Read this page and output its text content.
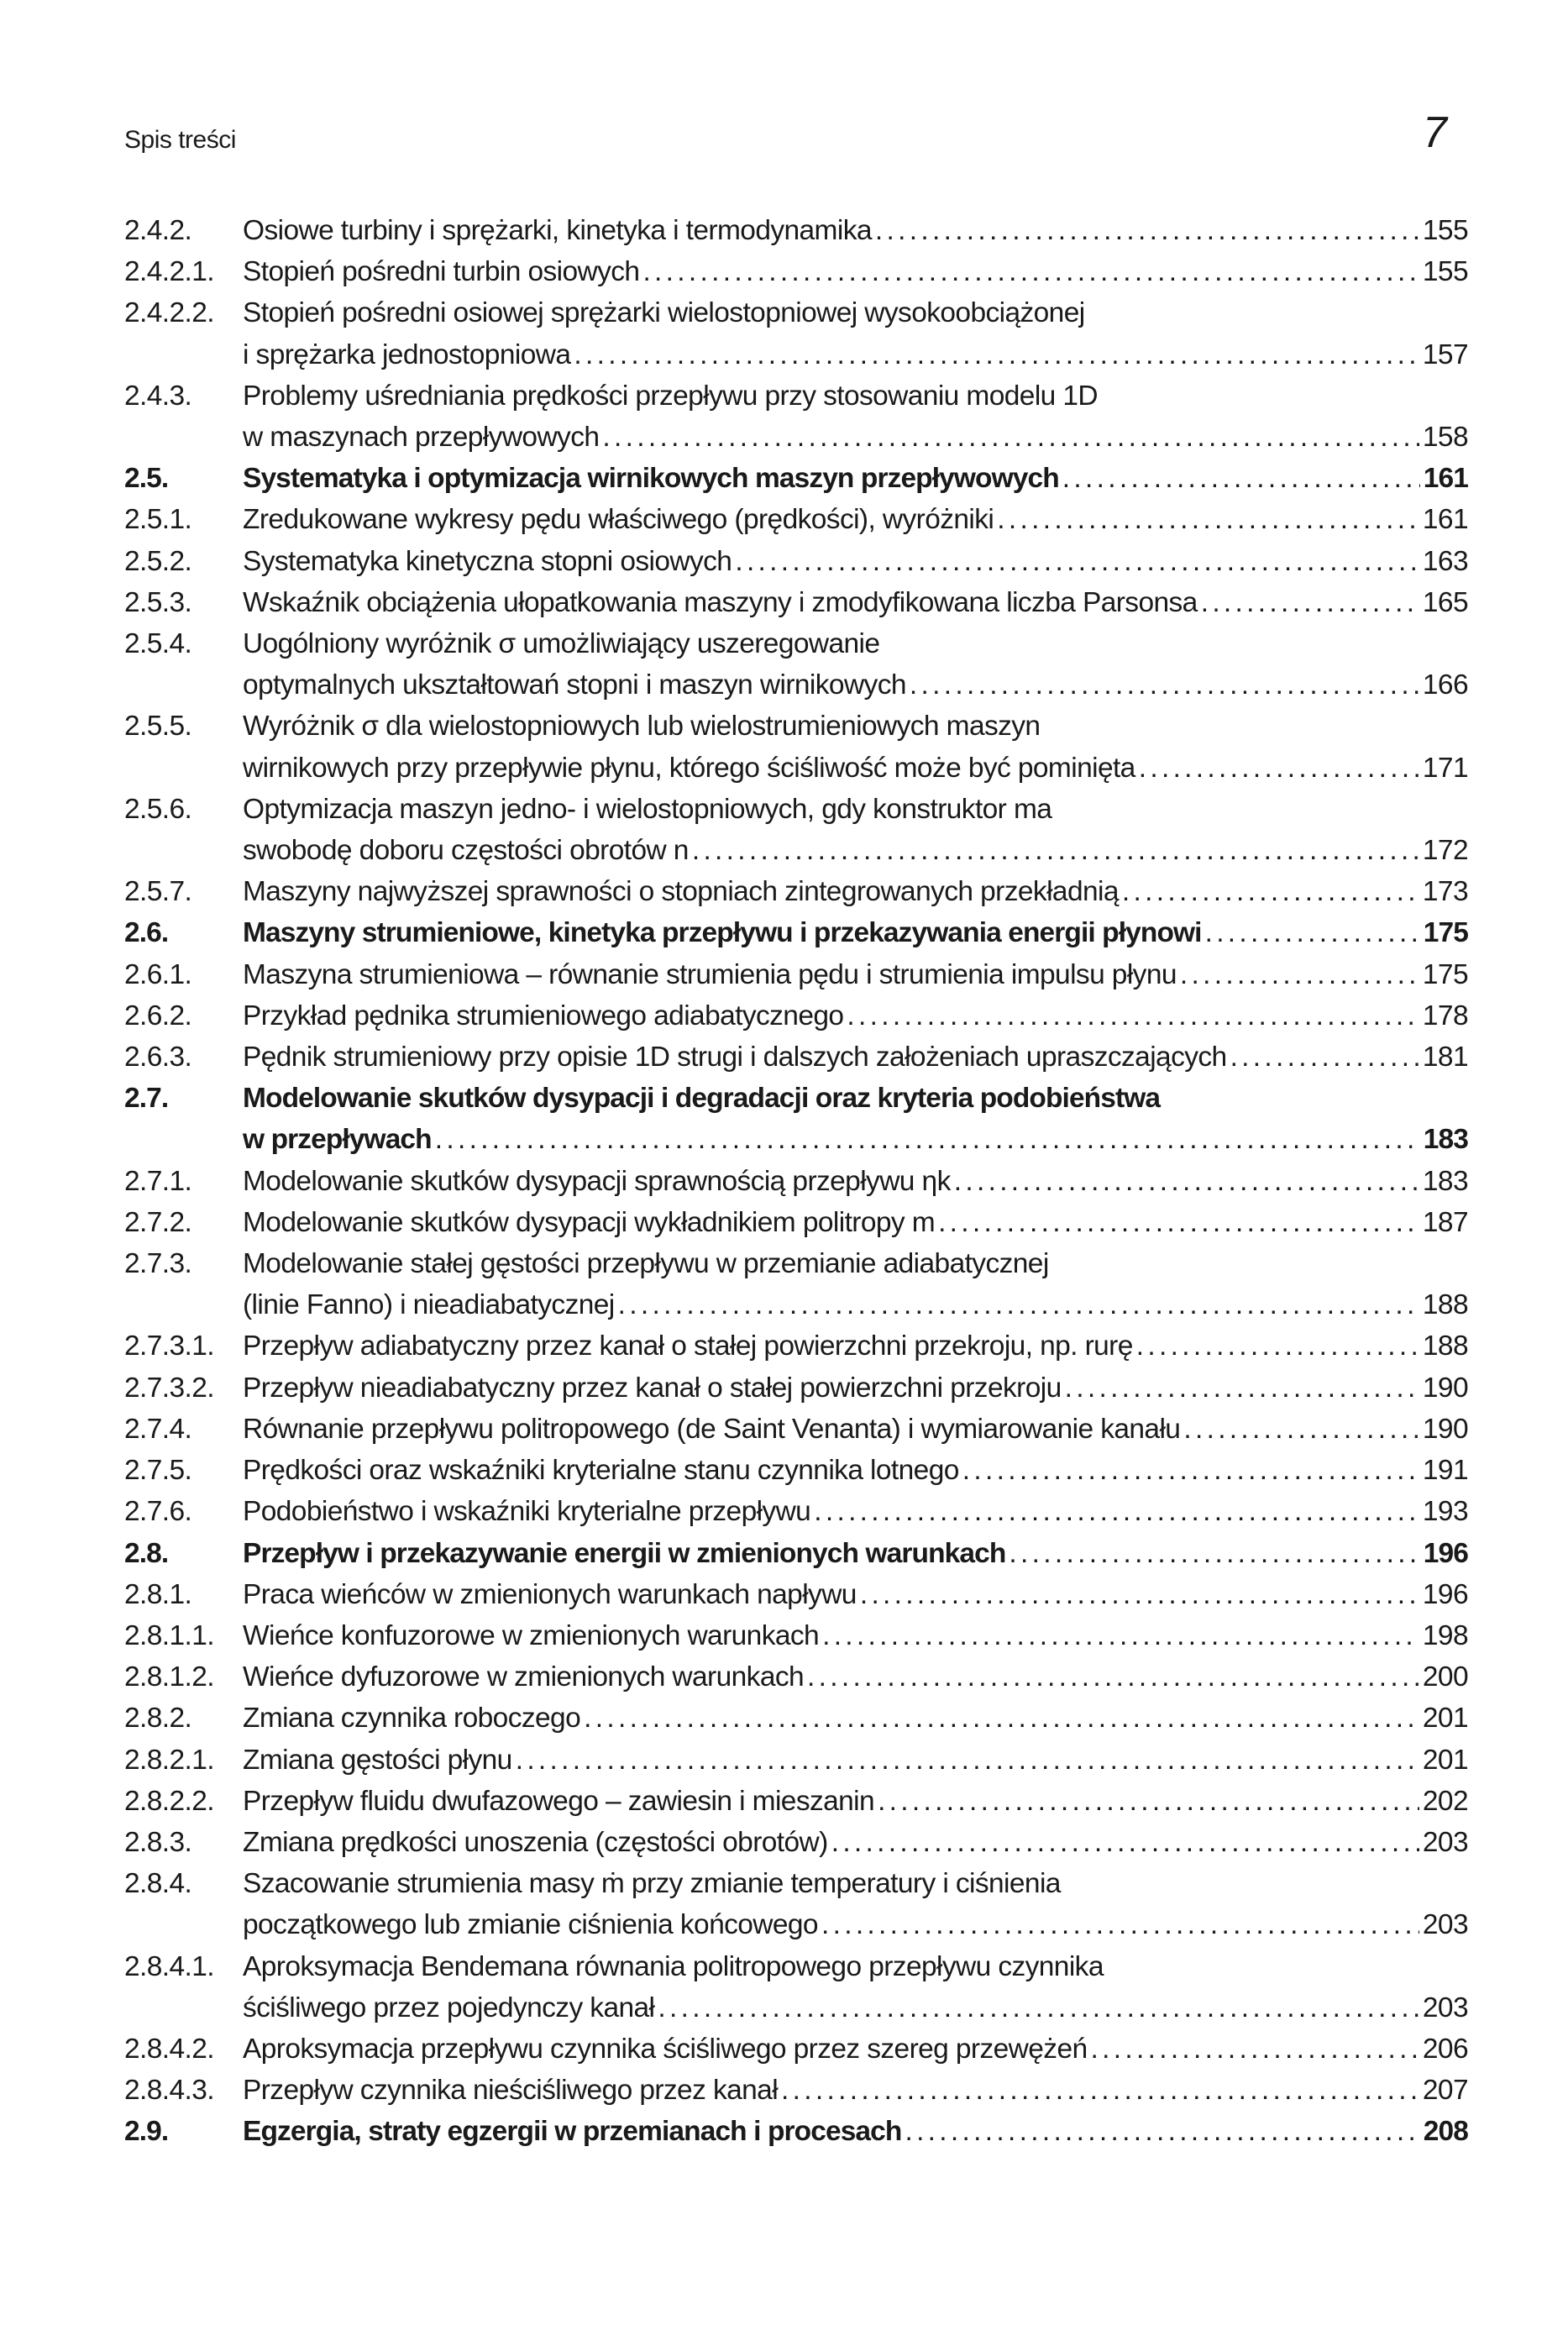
Spis treści	7
2.4.2.	Osiowe turbiny i sprężarki, kinetyka i termodynamika . . .	155
2.4.2.1.	Stopień pośredni turbin osiowych . . .	155
2.4.2.2.	Stopień pośredni osiowej sprężarki wielostopniowej wysokoobciążonej
i sprężarka jednostopniowa . . .	157
2.4.3.	Problemy uśredniania prędkości przepływu przy stosowaniu modelu 1D
w maszynach przepływowych . . .	158
2.5.	Systematyka i optymizacja wirnikowych maszyn przepływowych . . .	161
2.5.1.	Zredukowane wykresy pędu właściwego (prędkości), wyróżniki . . .	161
2.5.2.	Systematyka kinetyczna stopni osiowych . . .	163
2.5.3.	Wskaźnik obciążenia ułopatkowania maszyny i zmodyfikowana liczba Parsonsa . . .	165
2.5.4.	Uogólniony wyróżnik σ umożliwiający uszeregowanie
optymalnych ukształtowań stopni i maszyn wirnikowych . . .	166
2.5.5.	Wyróżnik σ dla wielostopniowych lub wielostrumieniowych maszyn
wirnikowych przy przepływie płynu, którego ściśliwość może być pominięta . . .	171
2.5.6.	Optymizacja maszyn jedno- i wielostopniowych, gdy konstruktor ma
swobodę doboru częstości obrotów n . . .	172
2.5.7.	Maszyny najwyższej sprawności o stopniach zintegrowanych przekładnią . . .	173
2.6.	Maszyny strumieniowe, kinetyka przepływu i przekazywania energii płynowi . . .	175
2.6.1.	Maszyna strumieniowa – równanie strumienia pędu i strumienia impulsu płynu . . .	175
2.6.2.	Przykład pędnika strumieniowego adiabatycznego . . .	178
2.6.3.	Pędnik strumieniowy przy opisie 1D strugi i dalszych założeniach upraszczających . . .	181
2.7.	Modelowanie skutków dysypacji i degradacji oraz kryteria podobieństwa
w przepływach . . .	183
2.7.1.	Modelowanie skutków dysypacji sprawnością przepływu ηk . . .	183
2.7.2.	Modelowanie skutków dysypacji wykładnikiem politropy m . . .	187
2.7.3.	Modelowanie stałej gęstości przepływu w przemianie adiabatycznej
(linie Fanno) i nieadiabatycznej . . .	188
2.7.3.1.	Przepływ adiabatyczny przez kanał o stałej powierzchni przekroju, np. rurę . . .	188
2.7.3.2.	Przepływ nieadiabatyczny przez kanał o stałej powierzchni przekroju . . .	190
2.7.4.	Równanie przepływu politropowego (de Saint Venanta) i wymiarowanie kanału . . .	190
2.7.5.	Prędkości oraz wskaźniki kryterialne stanu czynnika lotnego . . .	191
2.7.6.	Podobieństwo i wskaźniki kryterialne przepływu . . .	193
2.8.	Przepływ i przekazywanie energii w zmienionych warunkach . . .	196
2.8.1.	Praca wieńców w zmienionych warunkach napływu . . .	196
2.8.1.1.	Wieńce konfuzorowe w zmienionych warunkach . . .	198
2.8.1.2.	Wieńce dyfuzorowe w zmienionych warunkach . . .	200
2.8.2.	Zmiana czynnika roboczego . . .	201
2.8.2.1.	Zmiana gęstości płynu . . .	201
2.8.2.2.	Przepływ fluidu dwufazowego – zawiesin i mieszanin . . .	202
2.8.3.	Zmiana prędkości unoszenia (częstości obrotów) . . .	203
2.8.4.	Szacowanie strumienia masy ṁ przy zmianie temperatury i ciśnienia
początkowego lub zmianie ciśnienia końcowego . . .	203
2.8.4.1.	Aproksymacja Bendemana równania politropowego przepływu czynnika
ściśliwego przez pojedynczy kanał . . .	203
2.8.4.2.	Aproksymacja przepływu czynnika ściśliwego przez szereg przewężeń . . .	206
2.8.4.3.	Przepływ czynnika nieściśliwego przez kanał . . .	207
2.9.	Egzergia, straty egzergii w przemianach i procesach . . .	208
